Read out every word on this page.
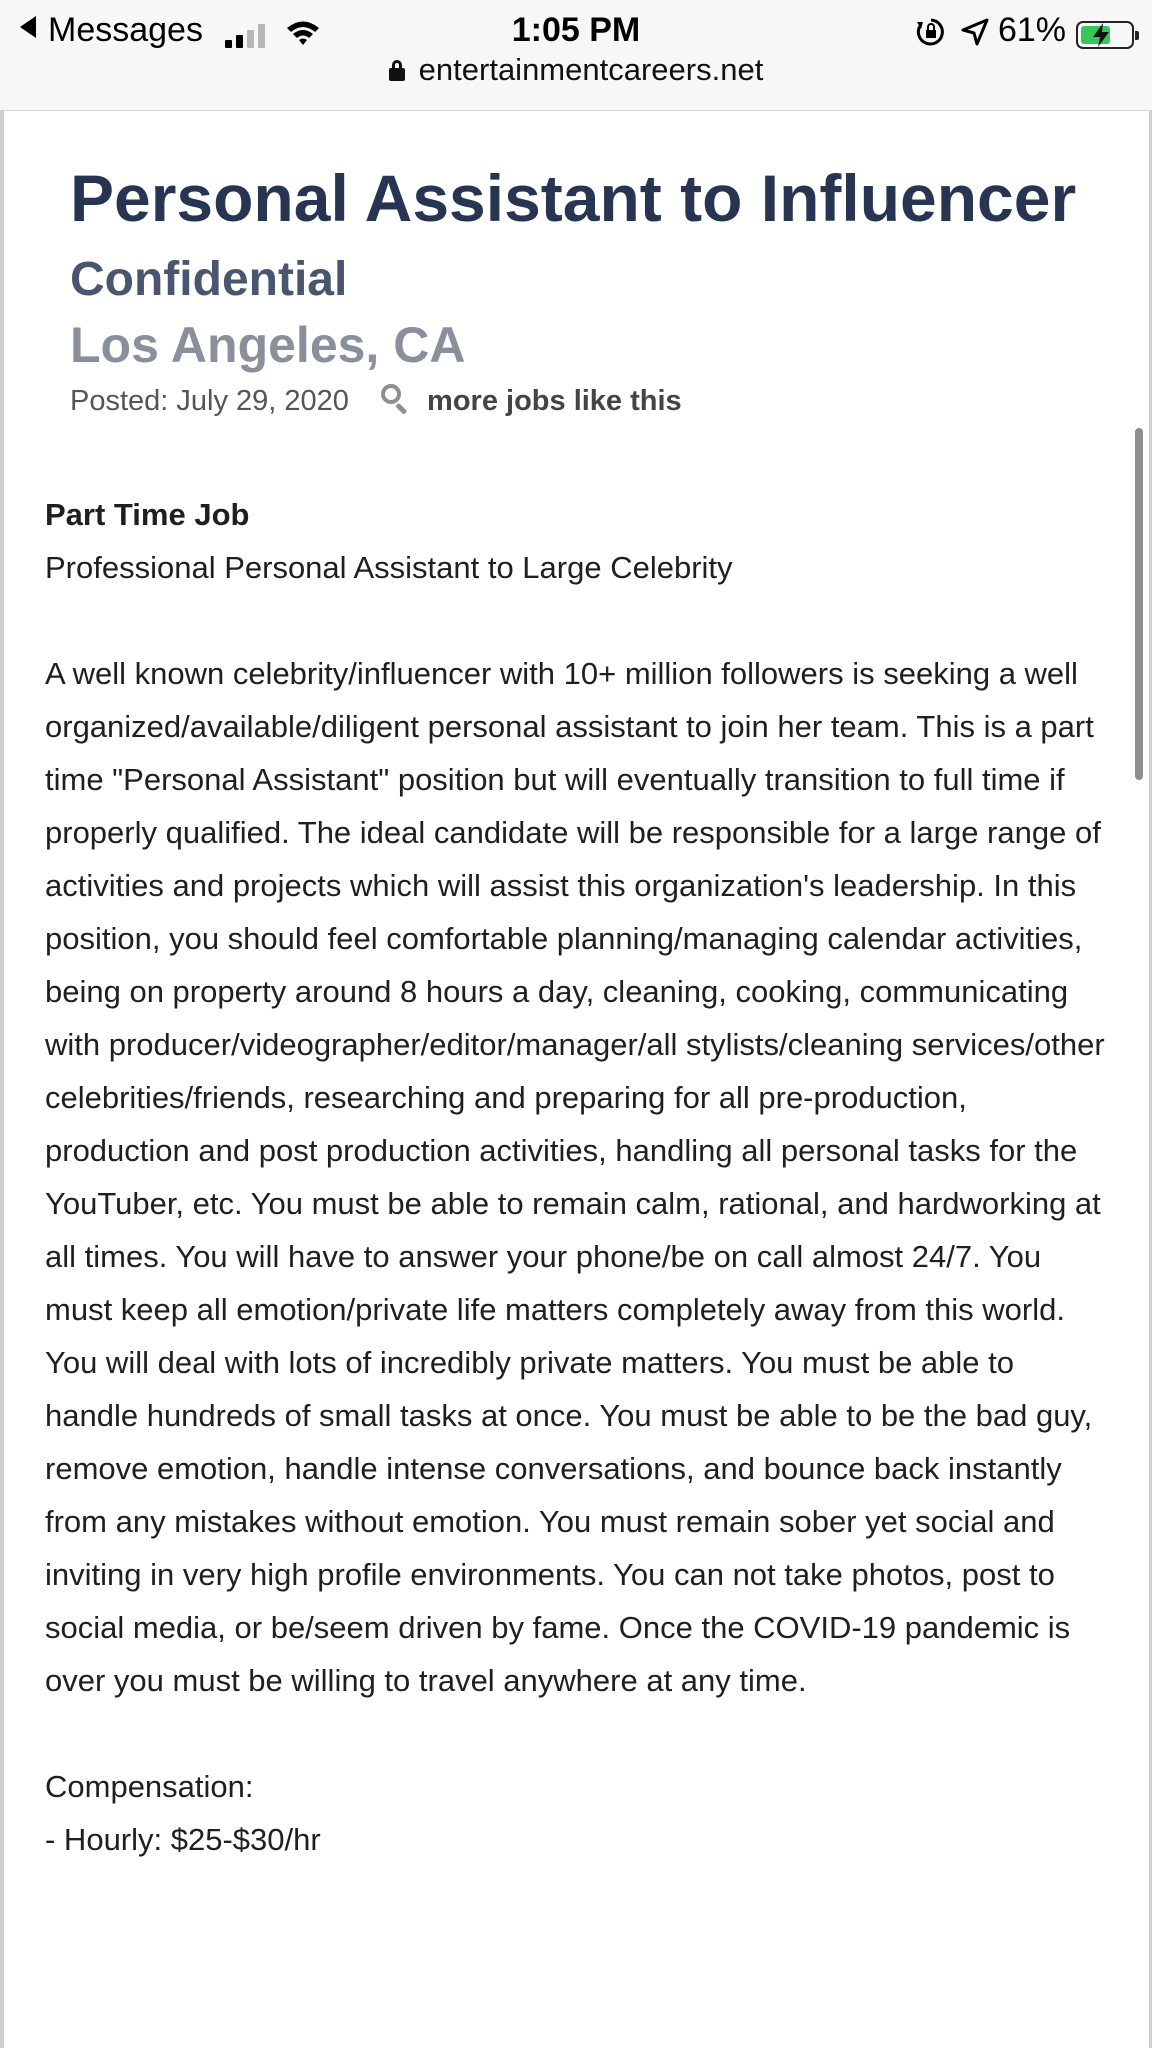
Messages	1:05 PM	61%
entertainmentcareers.net
Personal Assistant to Influencer
Confidential
Los Angeles, CA
Posted: July 29, 2020	more jobs like this
Part Time Job
Professional Personal Assistant to Large Celebrity

A well known celebrity/influencer with 10+ million followers is seeking a well organized/available/diligent personal assistant to join her team. This is a part time "Personal Assistant" position but will eventually transition to full time if properly qualified. The ideal candidate will be responsible for a large range of activities and projects which will assist this organization's leadership. In this position, you should feel comfortable planning/managing calendar activities, being on property around 8 hours a day, cleaning, cooking, communicating with producer/videographer/editor/manager/all stylists/cleaning services/other celebrities/friends, researching and preparing for all pre-production, production and post production activities, handling all personal tasks for the YouTuber, etc. You must be able to remain calm, rational, and hardworking at all times. You will have to answer your phone/be on call almost 24/7. You must keep all emotion/private life matters completely away from this world. You will deal with lots of incredibly private matters. You must be able to handle hundreds of small tasks at once. You must be able to be the bad guy, remove emotion, handle intense conversations, and bounce back instantly from any mistakes without emotion. You must remain sober yet social and inviting in very high profile environments. You can not take photos, post to social media, or be/seem driven by fame. Once the COVID-19 pandemic is over you must be willing to travel anywhere at any time.

Compensation:
- Hourly: $25-$30/hr
